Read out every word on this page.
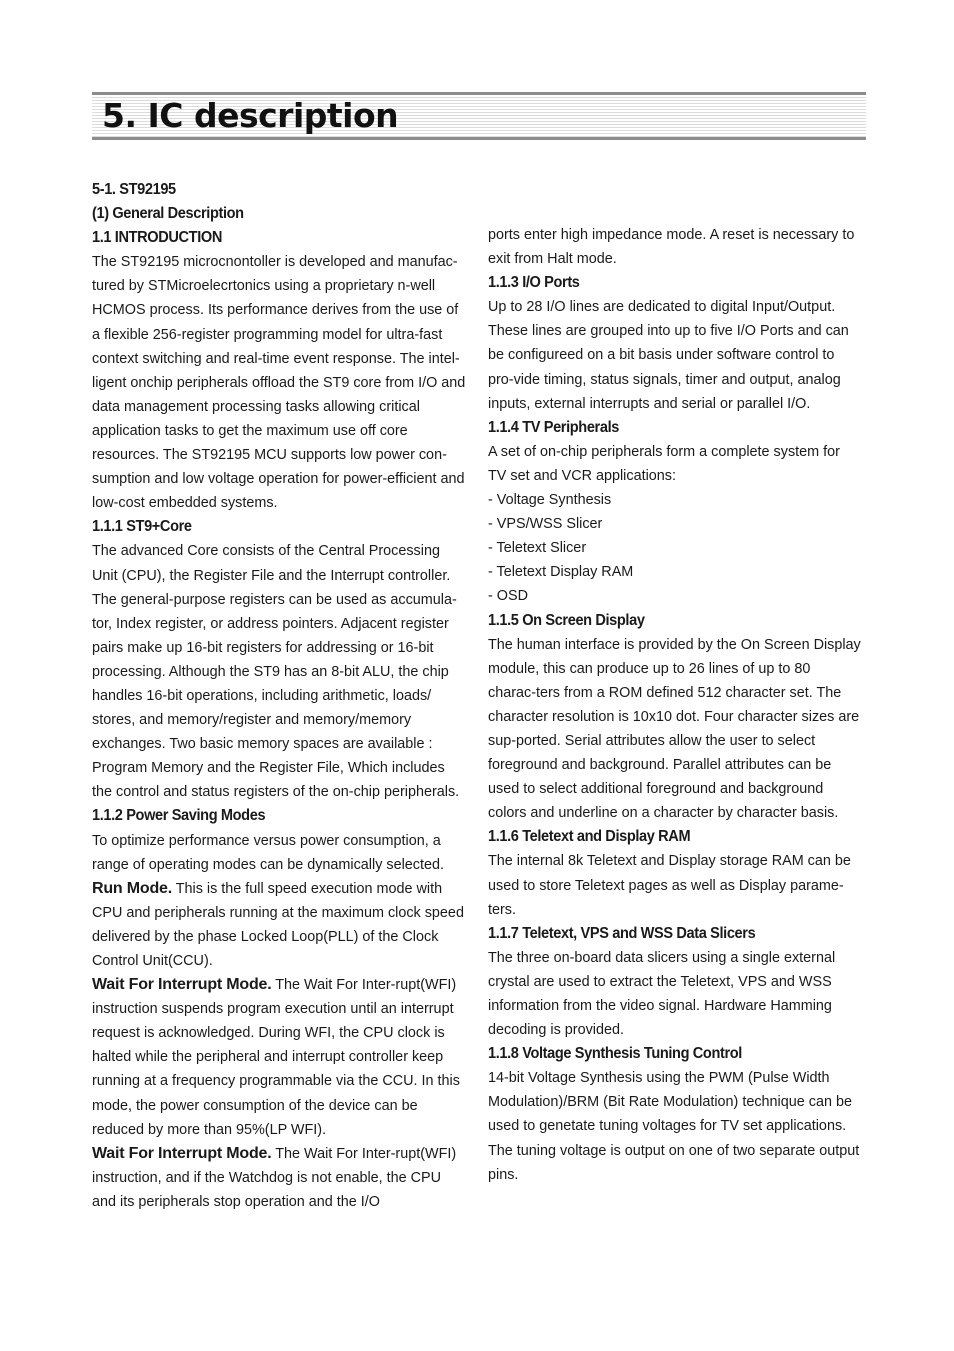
5. IC description

5-1. ST92195

(1) General Description

1.1 INTRODUCTION

The ST92195 microcnontoller is developed and manufac-tured by STMicroelecrtonics using a proprietary n-well HCMOS process. Its performance derives from the use of a flexible 256-register programming model for ultra-fast context switching and real-time event response. The intel-ligent onchip peripherals offload the ST9 core from I/O and data management processing tasks allowing critical application tasks to get the maximum use off core resources. The ST92195 MCU supports low power con-sumption and low voltage operation for power-efficient and low-cost embedded systems.

1.1.1 ST9+Core

The advanced Core consists of the Central Processing Unit (CPU), the Register File and the Interrupt controller. The general-purpose registers can be used as accumula-tor, Index register, or address pointers. Adjacent register pairs make up 16-bit registers for addressing or 16-bit processing. Although the ST9 has an 8-bit ALU, the chip handles 16-bit operations, including arithmetic, loads/ stores, and memory/register and memory/memory exchanges. Two basic memory spaces are available : Program Memory and the Register File, Which includes the control and status registers of the on-chip peripherals.

1.1.2 Power Saving Modes

To optimize performance versus power consumption, a range of operating modes can be dynamically selected.

Run Mode. This is the full speed execution mode with CPU and peripherals running at the maximum clock speed delivered by the phase Locked Loop(PLL) of the Clock Control Unit(CCU).

Wait For Interrupt Mode. The Wait For Inter-rupt(WFI) instruction suspends program execution until an interrupt request is acknowledged. During WFI, the CPU clock is halted while the peripheral and interrupt controller keep running at a frequency programmable via the CCU. In this mode, the power consumption of the device can be reduced by more than 95%(LP WFI).

Wait For Interrupt Mode. The Wait For Inter-rupt(WFI) instruction, and if the Watchdog is not enable, the CPU and its peripherals stop operation and the I/O

ports enter high impedance mode. A reset is necessary to exit from Halt mode.

1.1.3 I/O Ports

Up to 28 I/O lines are dedicated to digital Input/Output. These lines are grouped into up to five I/O Ports and can be configureed on a bit basis under software control to pro-vide timing, status signals, timer and output, analog inputs, external interrupts and serial or parallel I/O.

1.1.4 TV Peripherals

A set of on-chip peripherals form a complete system for TV set and VCR applications:

- Voltage Synthesis

- VPS/WSS Slicer

- Teletext Slicer

- Teletext Display RAM

- OSD

1.1.5 On Screen Display

The human interface is provided by the On Screen Display module, this can produce up to 26 lines of up to 80 charac-ters from a ROM defined 512 character set. The character resolution is 10x10 dot. Four character sizes are sup-ported. Serial attributes allow the user to select foreground and background. Parallel attributes can be used to select additional foreground and background colors and underline on a character by character basis.

1.1.6 Teletext and Display RAM

The internal 8k Teletext and Display storage RAM can be used to store Teletext pages as well as Display parame-ters.

1.1.7 Teletext, VPS and WSS Data Slicers

The three on-board data slicers using a single external crystal are used to extract the Teletext, VPS and WSS information from the video signal. Hardware Hamming decoding is provided.

1.1.8 Voltage Synthesis Tuning Control

14-bit Voltage Synthesis using the PWM (Pulse Width Modulation)/BRM (Bit Rate Modulation) technique can be used to genetate tuning voltages for TV set applications. The tuning voltage is output on one of two separate output pins.
